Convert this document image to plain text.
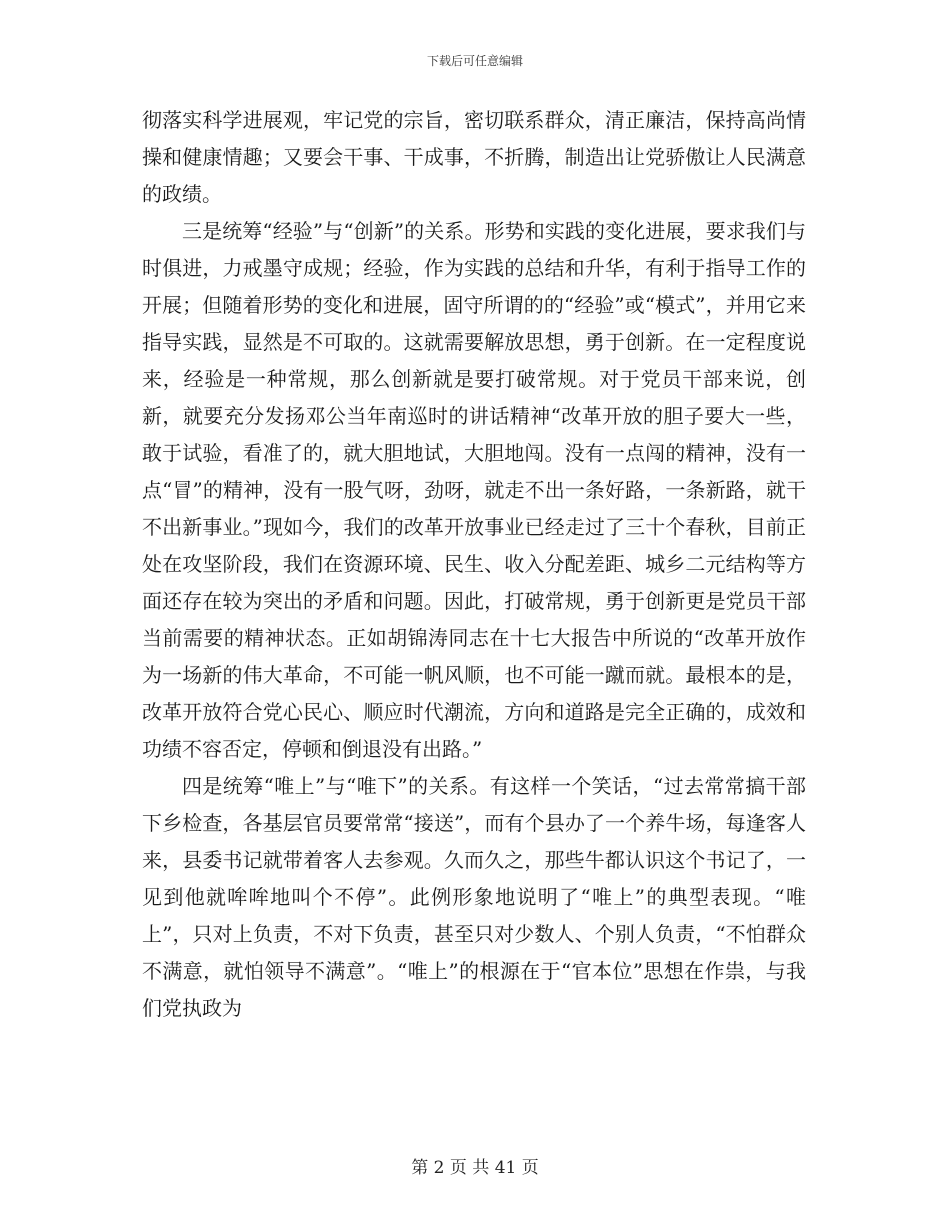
下载后可任意编辑

彻落实科学进展观，牢记党的宗旨，密切联系群众，清正廉洁，保持高尚情操和健康情趣；又要会干事、干成事，不折腾，制造出让党骄傲让人民满意的政绩。

三是统筹“经验”与“创新”的关系。形势和实践的变化进展，要求我们与时俱进，力戒墨守成规；经验，作为实践的总结和升华，有利于指导工作的开展；但随着形势的变化和进展，固守所谓的的“经验”或“模式”，并用它来指导实践，显然是不可取的。这就需要解放思想，勇于创新。在一定程度说来，经验是一种常规，那么创新就是要打破常规。对于党员干部来说，创新，就要充分发扬邓公当年南巡时的讲话精神“改革开放的胆子要大一些，敢于试验，看准了的，就大胆地试，大胆地闯。没有一点闯的精神，没有一点“冒”的精神，没有一股气呀，劲呀，就走不出一条好路，一条新路，就干不出新事业。”现如今，我们的改革开放事业已经走过了三十个春秋，目前正处在攻坚阶段，我们在资源环境、民生、收入分配差距、城乡二元结构等方面还存在较为突出的矛盾和问题。因此，打破常规，勇于创新更是党员干部当前需要的精神状态。正如胡锦涛同志在十七大报告中所说的“改革开放作为一场新的伟大革命，不可能一帆风顺，也不可能一蹴而就。最根本的是，改革开放符合党心民心、顺应时代潮流，方向和道路是完全正确的，成效和功绩不容否定，停顿和倒退没有出路。”

四是统筹“唯上”与“唯下”的关系。有这样一个笑话，“过去常常搞干部下乡检查，各基层官员要常常“接送”，而有个县办了一个养牛场，每逢客人来，县委书记就带着客人去参观。久而久之，那些牛都认识这个书记了，一见到他就哞哞地叫个不停”。此例形象地说明了“唯上”的典型表现。“唯上”，只对上负责，不对下负责，甚至只对少数人、个别人负责，“不怕群众不满意，就怕领导不满意”。“唯上”的根源在于“官本位”思想在作祟，与我们党执政为

第 2 页 共 41 页
